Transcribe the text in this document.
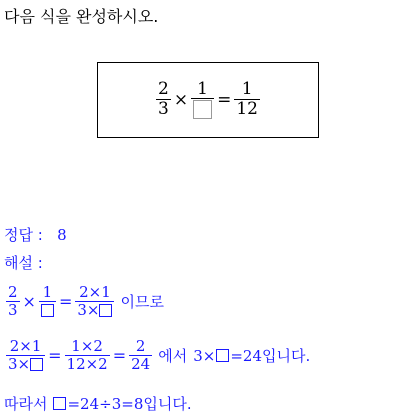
다음 식을 완성하시오.
$\frac{2}{3}$ ×
1
= $\frac{1}{12}$
정답 : 8
해설 :
$\frac{2}{3}$ ×
1
= $\frac{2\times 1}{3\times}$ 이므로
$\frac{2\times 1}{3\times} = \frac{1\times 2}{12\times 2} = \frac{2}{24}$ 에서 3× =24 입니다.
따라서 =24÷3=8 입니다.
